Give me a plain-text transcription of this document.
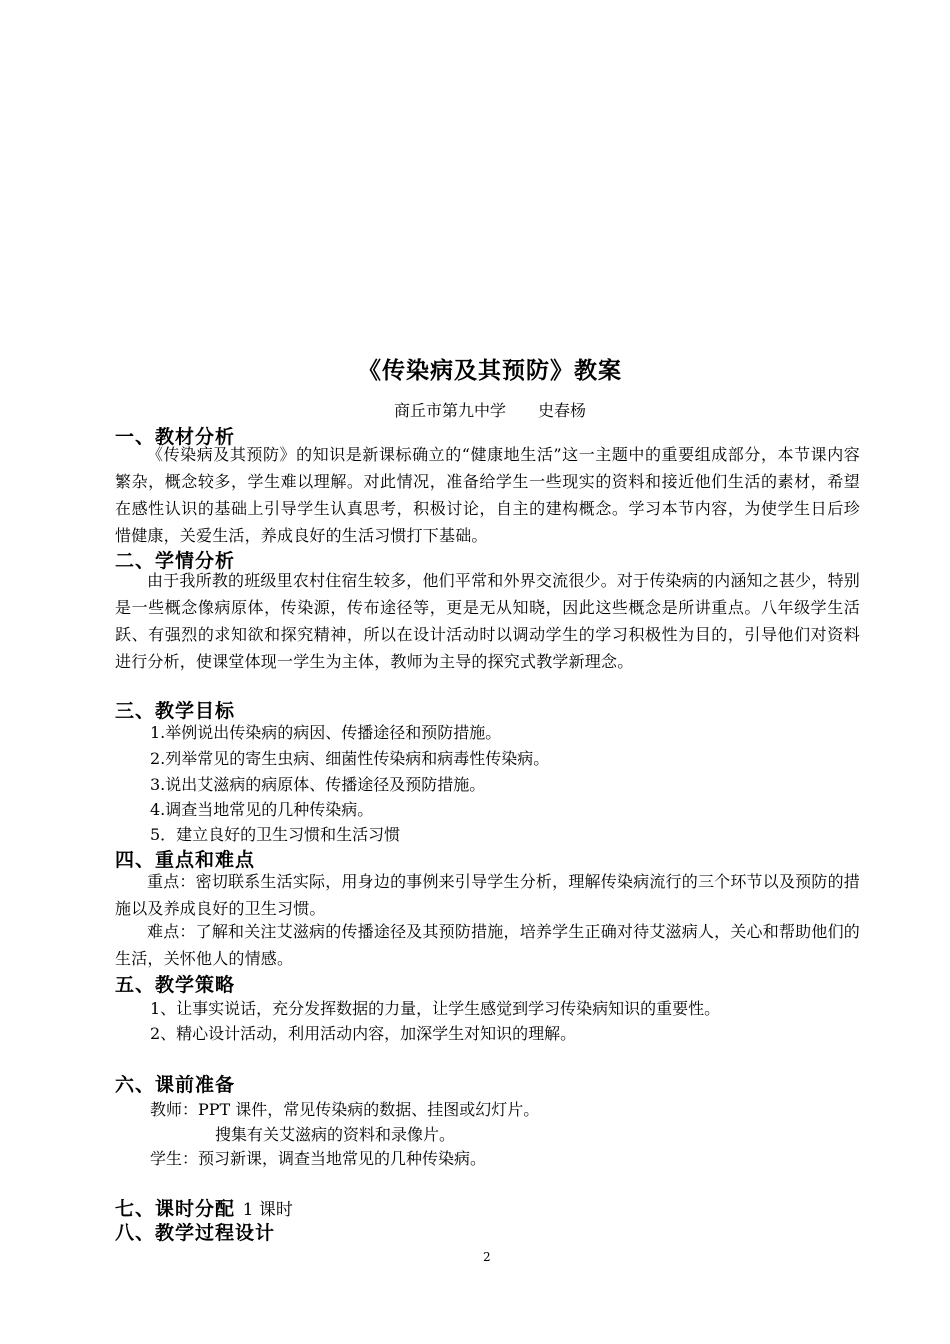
《传染病及其预防》教案
商丘市第九中学　　史春杨
一、教材分析
《传染病及其预防》的知识是新课标确立的“健康地生活”这一主题中的重要组成部分，本节课内容繁杂，概念较多，学生难以理解。对此情况，准备给学生一些现实的资料和接近他们生活的素材，希望在感性认识的基础上引导学生认真思考，积极讨论，自主的建构概念。学习本节内容，为使学生日后珍惜健康，关爱生活，养成良好的生活习惯打下基础。
二、学情分析
由于我所教的班级里农村住宿生较多，他们平常和外界交流很少。对于传染病的内涵知之甚少，特别是一些概念像病原体，传染源，传布途径等，更是无从知晓，因此这些概念是所讲重点。八年级学生活跃、有强烈的求知欲和探究精神，所以在设计活动时以调动学生的学习积极性为目的，引导他们对资料进行分析，使课堂体现一学生为主体，教师为主导的探究式教学新理念。
三、教学目标
1.举例说出传染病的病因、传播途径和预防措施。
2.列举常见的寄生虫病、细菌性传染病和病毒性传染病。
3.说出艾滋病的病原体、传播途径及预防措施。
4.调查当地常见的几种传染病。
5．建立良好的卫生习惯和生活习惯
四、重点和难点
重点：密切联系生活实际，用身边的事例来引导学生分析，理解传染病流行的三个环节以及预防的措施以及养成良好的卫生习惯。
难点：了解和关注艾滋病的传播途径及其预防措施，培养学生正确对待艾滋病人，关心和帮助他们的生活，关怀他人的情感。
五、教学策略
1、让事实说话，充分发挥数据的力量，让学生感觉到学习传染病知识的重要性。
2、精心设计活动，利用活动内容，加深学生对知识的理解。
六、课前准备
教师：PPT 课件，常见传染病的数据、挂图或幻灯片。
搜集有关艾滋病的资料和录像片。
学生：预习新课，调查当地常见的几种传染病。
七、课时分配 1 课时
八、教学过程设计
2
